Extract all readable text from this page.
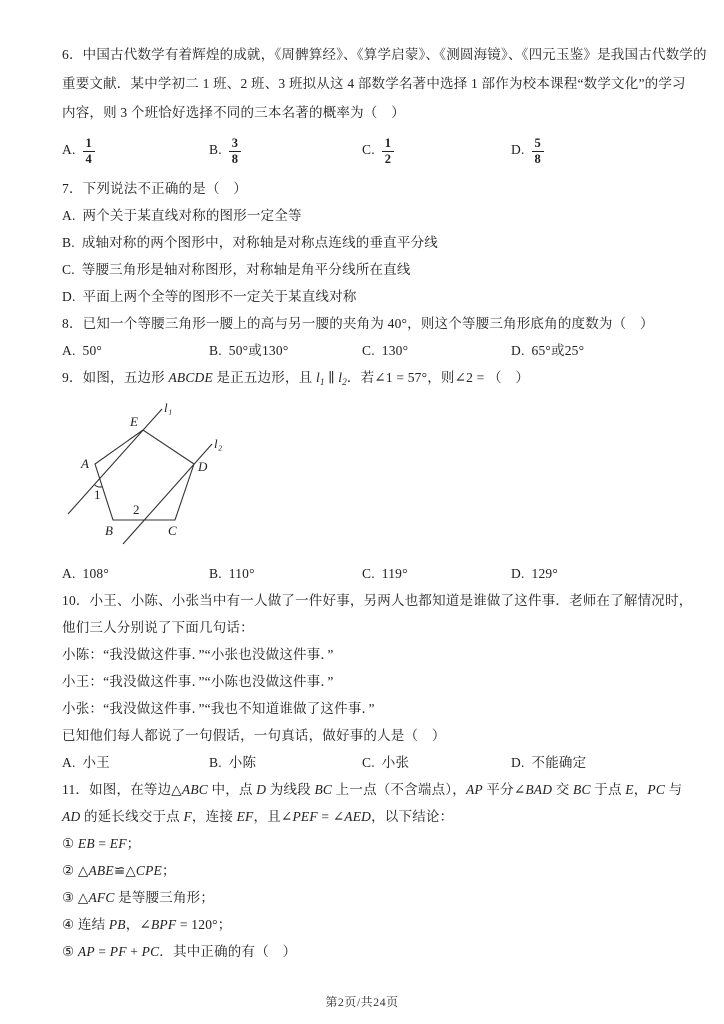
6．中国古代数学有着辉煌的成就，《周髀算经》、《算学启蒙》、《测圆海镜》、《四元玉鉴》是我国古代数学的

重要文献．某中学初二 1 班、2 班、3 班拟从这 4 部数学名著中选择 1 部作为校本课程“数学文化”的学习

内容，则 3 个班恰好选择不同的三本名著的概率为（　）

A. $\frac{1}{4}$	B. $\frac{3}{8}$	C. $\frac{1}{2}$	D. $\frac{5}{8}$

7．下列说法不正确的是（　）

A. 两个关于某直线对称的图形一定全等

B. 成轴对称的两个图形中，对称轴是对称点连线的垂直平分线

C. 等腰三角形是轴对称图形，对称轴是角平分线所在直线

D. 平面上两个全等的图形不一定关于某直线对称

8．已知一个等腰三角形一腰上的高与另一腰的夹角为 40°，则这个等腰三角形底角的度数为（　）

A. 50°	B. 50°或130°	C. 130°	D. 65°或25°

9．如图，五边形 ABCDE 是正五边形，且 $l_1$ ∥ $l_2$．若∠1 = 57°，则∠2 = （　）

l₁
l₂
E
A	D
B	C
1
2
A. 108°	B. 110°	C. 119°	D. 129°

10．小王、小陈、小张当中有一人做了一件好事，另两人也都知道是谁做了这件事．老师在了解情况时，

他们三人分别说了下面几句话：

小陈：“我没做这件事．”“小张也没做这件事．”

小王：“我没做这件事．”“小陈也没做这件事．”

小张：“我没做这件事．”“我也不知道谁做了这件事．”

已知他们每人都说了一句假话，一句真话，做好事的人是（　）

A. 小王	B. 小陈	C. 小张	D. 不能确定

11．如图，在等边△ABC 中，点 D 为线段 BC 上一点（不含端点），AP 平分∠BAD 交 BC 于点 E，PC 与

AD 的延长线交于点 F，连接 EF，且∠PEF = ∠AED，以下结论：

① EB = EF；

② △ABE≌△CPE；

③ △AFC 是等腰三角形；

④ 连结 PB，∠BPF = 120°；

⑤ AP = PF + PC．其中正确的有（　）

第2页/共24页
